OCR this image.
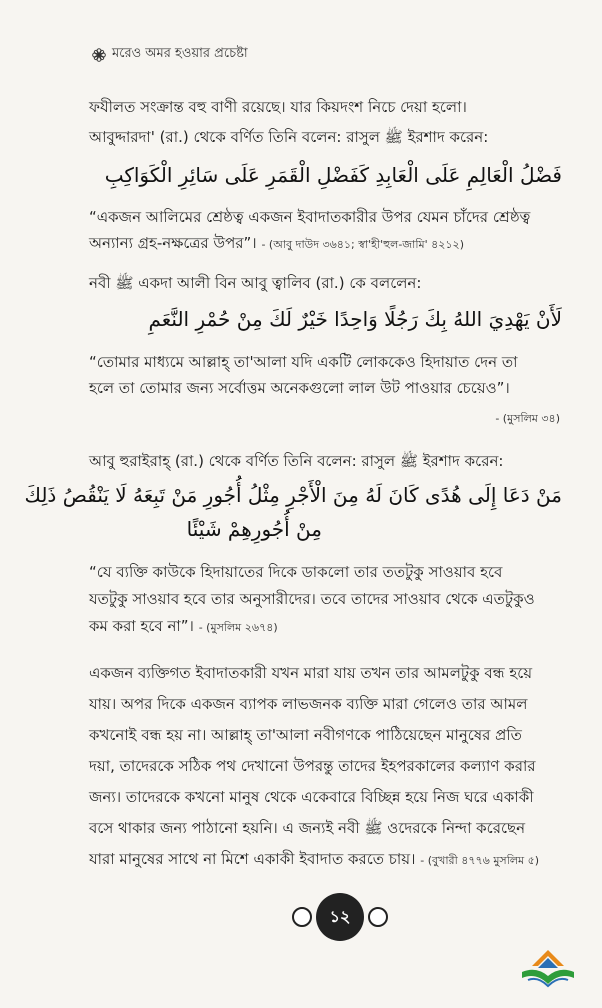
মরেও অমর হওয়ার প্রচেষ্টা
ফযীলত সংক্রান্ত বহু বাণী রয়েছে। যার কিয়দংশ নিচে দেয়া হলো।
আবুদ্দারদা' (রা.) থেকে বর্ণিত তিনি বলেন: রাসুল ﷺ ইরশাদ করেন:
فَضْلُ الْعَالِمِ عَلَى الْعَابِدِ كَفَضْلِ الْقَمَرِ عَلَى سَائِرِ الْكَوَاكِبِ
“একজন আলিমের শ্রেষ্ঠত্ব একজন ইবাদাতকারীর উপর যেমন চাঁদের শ্রেষ্ঠত্ব
অন্যান্য গ্রহ-নক্ষত্রের উপর”। - (আবু দাউদ ৩৬৪১; স্বা'হী'হুল-জামি' ৪২১২)
নবী ﷺ একদা আলী বিন আবু ত্বালিব (রা.) কে বললেন:
لَأَنْ يَهْدِيَ اللهُ بِكَ رَجُلًا وَاحِدًا خَيْرٌ لَكَ مِنْ حُمْرِ النَّعَمِ
“তোমার মাধ্যমে আল্লাহ্ তা'আলা যদি একটি লোককেও হিদায়াত দেন তা
হলে তা তোমার জন্য সর্বোত্তম অনেকগুলো লাল উট পাওয়ার চেয়েও”।
- (মুসলিম ৩৪)
আবু হুরাইরাহ্ (রা.) থেকে বর্ণিত তিনি বলেন: রাসুল ﷺ ইরশাদ করেন:
مَنْ دَعَا إِلَى هُدًى كَانَ لَهُ مِنَ الْأَجْرِ مِثْلُ أُجُورِ مَنْ تَبِعَهُ لَا يَنْقُصُ ذَلِكَ
مِنْ أُجُورِهِمْ شَيْئًا
“যে ব্যক্তি কাউকে হিদায়াতের দিকে ডাকলো তার ততটুকু সাওয়াব হবে
যতটুকু সাওয়াব হবে তার অনুসারীদের। তবে তাদের সাওয়াব থেকে এতটুকুও
কম করা হবে না”। - (মুসলিম ২৬৭৪)
একজন ব্যক্তিগত ইবাদাতকারী যখন মারা যায় তখন তার আমলটুকু বন্ধ হয়ে
যায়। অপর দিকে একজন ব্যাপক লাভজনক ব্যক্তি মারা গেলেও তার আমল
কখনোই বন্ধ হয় না। আল্লাহ্ তা'আলা নবীগণকে পাঠিয়েছেন মানুষের প্রতি
দয়া, তাদেরকে সঠিক পথ দেখানো উপরন্তু তাদের ইহপরকালের কল্যাণ করার
জন্য। তাদেরকে কখনো মানুষ থেকে একেবারে বিচ্ছিন্ন হয়ে নিজ ঘরে একাকী
বসে থাকার জন্য পাঠানো হয়নি। এ জন্যই নবী ﷺ ওদেরকে নিন্দা করেছেন
যারা মানুষের সাথে না মিশে একাকী ইবাদাত করতে চায়। - (বুখারী ৪৭৭৬ মুসলিম ৫)
১২
